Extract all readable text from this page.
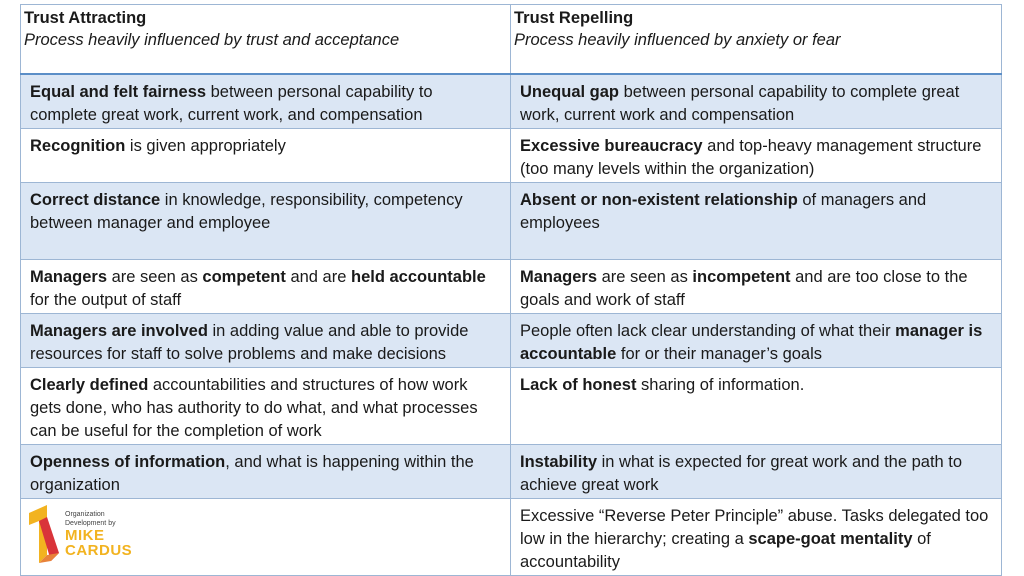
Trust Attracting
Process heavily influenced by trust and acceptance
Trust Repelling
Process heavily influenced by anxiety or fear
Equal and felt fairness between personal capability to complete great work, current work, and compensation
Unequal gap between personal capability to complete great work, current work and compensation
Recognition is given appropriately	Excessive bureaucracy and top-heavy management structure (too many levels within the organization)
Correct distance in knowledge, responsibility, competency between manager and employee
Absent or non-existent relationship of managers and employees
Managers are seen as competent and are held accountable for the output of staff
Managers are seen as incompetent and are too close to the goals and work of staff
Managers are involved in adding value and able to provide resources for staff to solve problems and make decisions
People often lack clear understanding of what their manager is accountable for or their manager’s goals
Clearly defined accountabilities and structures of how work gets done, who has authority to do what, and what processes can be useful for the completion of work
Lack of honest sharing of information.
Openness of information, and what is happening within the organization
Instability in what is expected for great work and the path to achieve great work
Organization
Development by
MIKE
CARDUS
Excessive “Reverse Peter Principle” abuse. Tasks delegated too low in the hierarchy; creating a scape-goat mentality of accountability
